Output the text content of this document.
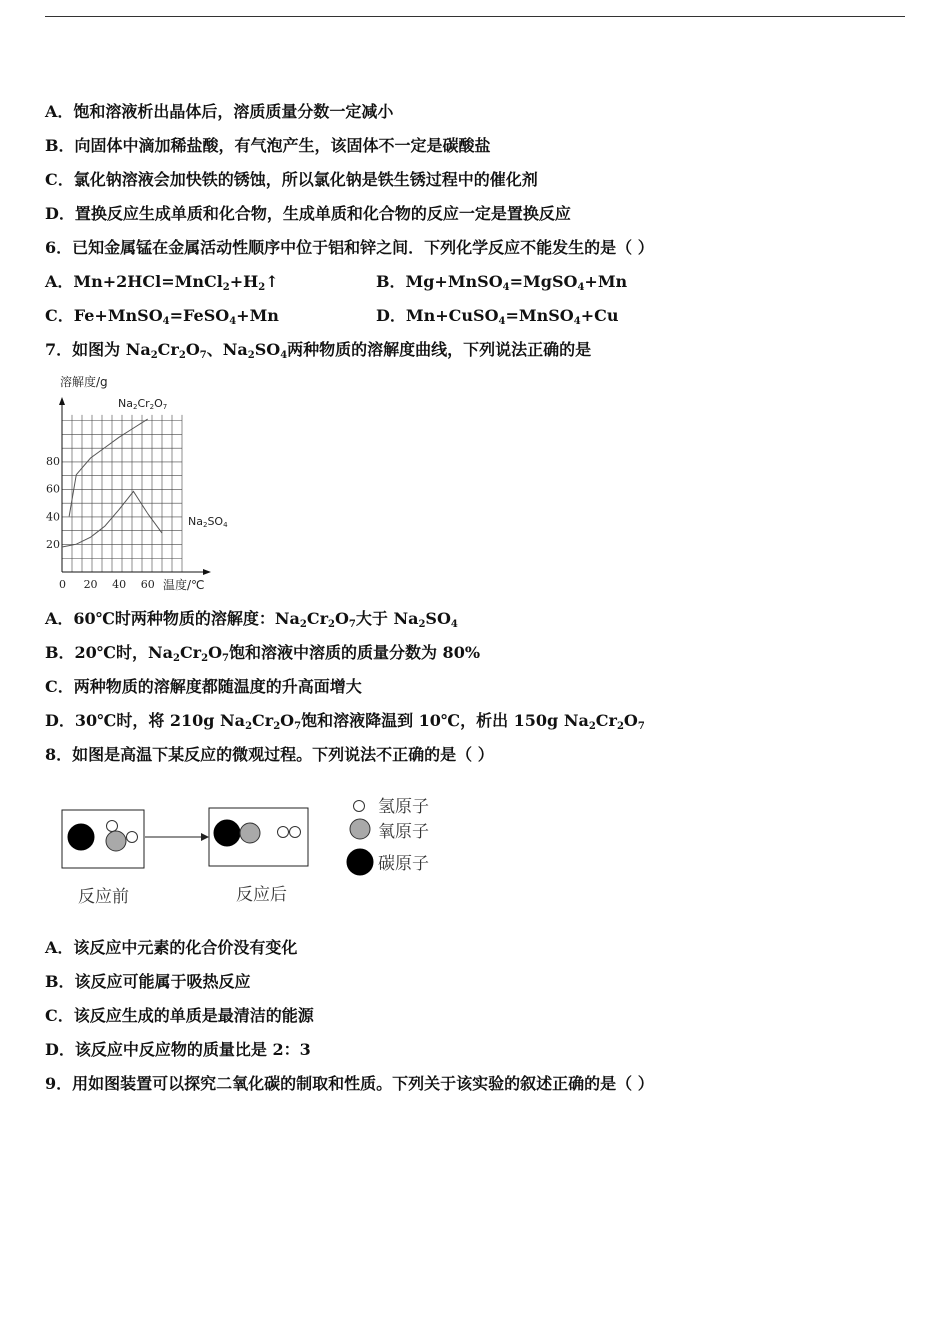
A．饱和溶液析出晶体后，溶质质量分数一定减小
B．向固体中滴加稀盐酸，有气泡产生，该固体不一定是碳酸盐
C．氯化钠溶液会加快铁的锈蚀，所以氯化钠是铁生锈过程中的催化剂
D．置换反应生成单质和化合物，生成单质和化合物的反应一定是置换反应
6．已知金属锰在金属活动性顺序中位于铝和锌之间．下列化学反应不能发生的是（ ）
A．$Mn+2HCl=MnCl_2+H_2↑$	B．Mg+MnSO$_4$=MgSO$_4$+Mn
C．Fe+MnSO$_4$=FeSO$_4$+Mn	D．Mn+CuSO$_4$=MnSO$_4$+Cu
7．如图为 $Na_2Cr_2O_7$、$Na_2SO_4$两种物质的溶解度曲线，下列说法正确的是
溶解度/g
0 20 40 60
20
40
60
80
温度/℃
Na2Cr2O7
Na2SO4
A．60℃时两种物质的溶解度：$Na_2Cr_2O_7$大于 $Na_2SO_4$
B．20℃时，$Na_2Cr_2O_7$饱和溶液中溶质的质量分数为 80%
C．两种物质的溶解度都随温度的升高面增大
D．30℃时，将 210g $Na_2Cr_2O_7$饱和溶液降温到 10℃，析出 150g $Na_2Cr_2O_7$
8．如图是高温下某反应的微观过程。下列说法不正确的是（ ）
反应前	反应后
氢原子
氧原子
碳原子
A．该反应中元素的化合价没有变化
B．该反应可能属于吸热反应
C．该反应生成的单质是最清洁的能源
D．该反应中反应物的质量比是 2：3
9．用如图装置可以探究二氧化碳的制取和性质。下列关于该实验的叙述正确的是（ ）
